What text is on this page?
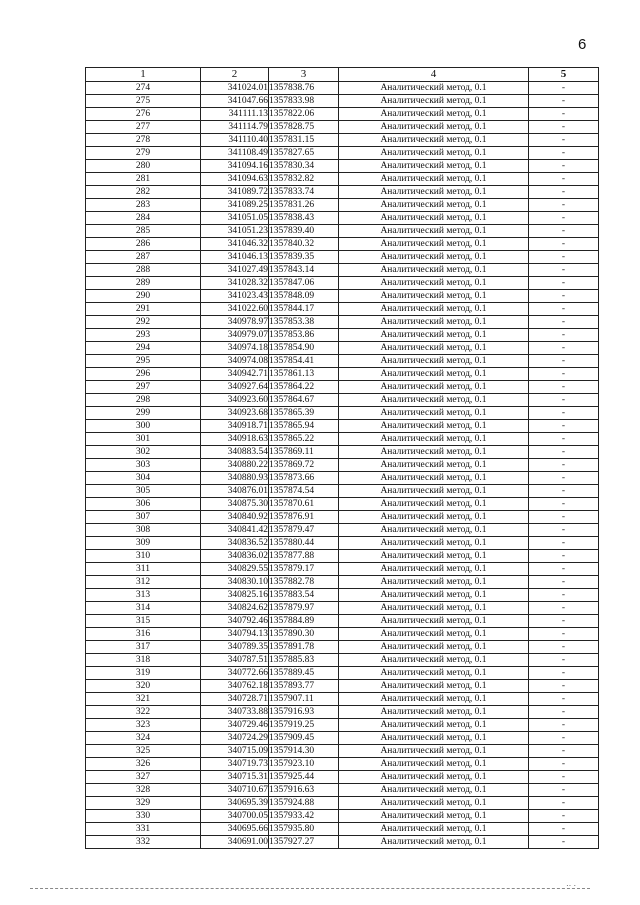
6
1	2	3	4	5
274	341024.01	1357838.76	Аналитический метод, 0.1	-
275	341047.66	1357833.98	Аналитический метод, 0.1	-
276	341111.13	1357822.06	Аналитический метод, 0.1	-
277	341114.79	1357828.75	Аналитический метод, 0.1	-
278	341110.40	1357831.15	Аналитический метод, 0.1	-
279	341108.49	1357827.65	Аналитический метод, 0.1	-
280	341094.16	1357830.34	Аналитический метод, 0.1	-
281	341094.63	1357832.82	Аналитический метод, 0.1	-
282	341089.72	1357833.74	Аналитический метод, 0.1	-
283	341089.25	1357831.26	Аналитический метод, 0.1	-
284	341051.05	1357838.43	Аналитический метод, 0.1	-
285	341051.23	1357839.40	Аналитический метод, 0.1	-
286	341046.32	1357840.32	Аналитический метод, 0.1	-
287	341046.13	1357839.35	Аналитический метод, 0.1	-
288	341027.49	1357843.14	Аналитический метод, 0.1	-
289	341028.32	1357847.06	Аналитический метод, 0.1	-
290	341023.43	1357848.09	Аналитический метод, 0.1	-
291	341022.60	1357844.17	Аналитический метод, 0.1	-
292	340978.97	1357853.38	Аналитический метод, 0.1	-
293	340979.07	1357853.86	Аналитический метод, 0.1	-
294	340974.18	1357854.90	Аналитический метод, 0.1	-
295	340974.08	1357854.41	Аналитический метод, 0.1	-
296	340942.71	1357861.13	Аналитический метод, 0.1	-
297	340927.64	1357864.22	Аналитический метод, 0.1	-
298	340923.60	1357864.67	Аналитический метод, 0.1	-
299	340923.68	1357865.39	Аналитический метод, 0.1	-
300	340918.71	1357865.94	Аналитический метод, 0.1	-
301	340918.63	1357865.22	Аналитический метод, 0.1	-
302	340883.54	1357869.11	Аналитический метод, 0.1	-
303	340880.22	1357869.72	Аналитический метод, 0.1	-
304	340880.93	1357873.66	Аналитический метод, 0.1	-
305	340876.01	1357874.54	Аналитический метод, 0.1	-
306	340875.30	1357870.61	Аналитический метод, 0.1	-
307	340840.92	1357876.91	Аналитический метод, 0.1	-
308	340841.42	1357879.47	Аналитический метод, 0.1	-
309	340836.52	1357880.44	Аналитический метод, 0.1	-
310	340836.02	1357877.88	Аналитический метод, 0.1	-
311	340829.55	1357879.17	Аналитический метод, 0.1	-
312	340830.10	1357882.78	Аналитический метод, 0.1	-
313	340825.16	1357883.54	Аналитический метод, 0.1	-
314	340824.62	1357879.97	Аналитический метод, 0.1	-
315	340792.46	1357884.89	Аналитический метод, 0.1	-
316	340794.13	1357890.30	Аналитический метод, 0.1	-
317	340789.35	1357891.78	Аналитический метод, 0.1	-
318	340787.51	1357885.83	Аналитический метод, 0.1	-
319	340772.66	1357889.45	Аналитический метод, 0.1	-
320	340762.18	1357893.77	Аналитический метод, 0.1	-
321	340728.71	1357907.11	Аналитический метод, 0.1	-
322	340733.88	1357916.93	Аналитический метод, 0.1	-
323	340729.46	1357919.25	Аналитический метод, 0.1	-
324	340724.29	1357909.45	Аналитический метод, 0.1	-
325	340715.09	1357914.30	Аналитический метод, 0.1	-
326	340719.73	1357923.10	Аналитический метод, 0.1	-
327	340715.31	1357925.44	Аналитический метод, 0.1	-
328	340710.67	1357916.63	Аналитический метод, 0.1	-
329	340695.39	1357924.88	Аналитический метод, 0.1	-
330	340700.05	1357933.42	Аналитический метод, 0.1	-
331	340695.66	1357935.80	Аналитический метод, 0.1	-
332	340691.00	1357927.27	Аналитический метод, 0.1	-
·· ·
